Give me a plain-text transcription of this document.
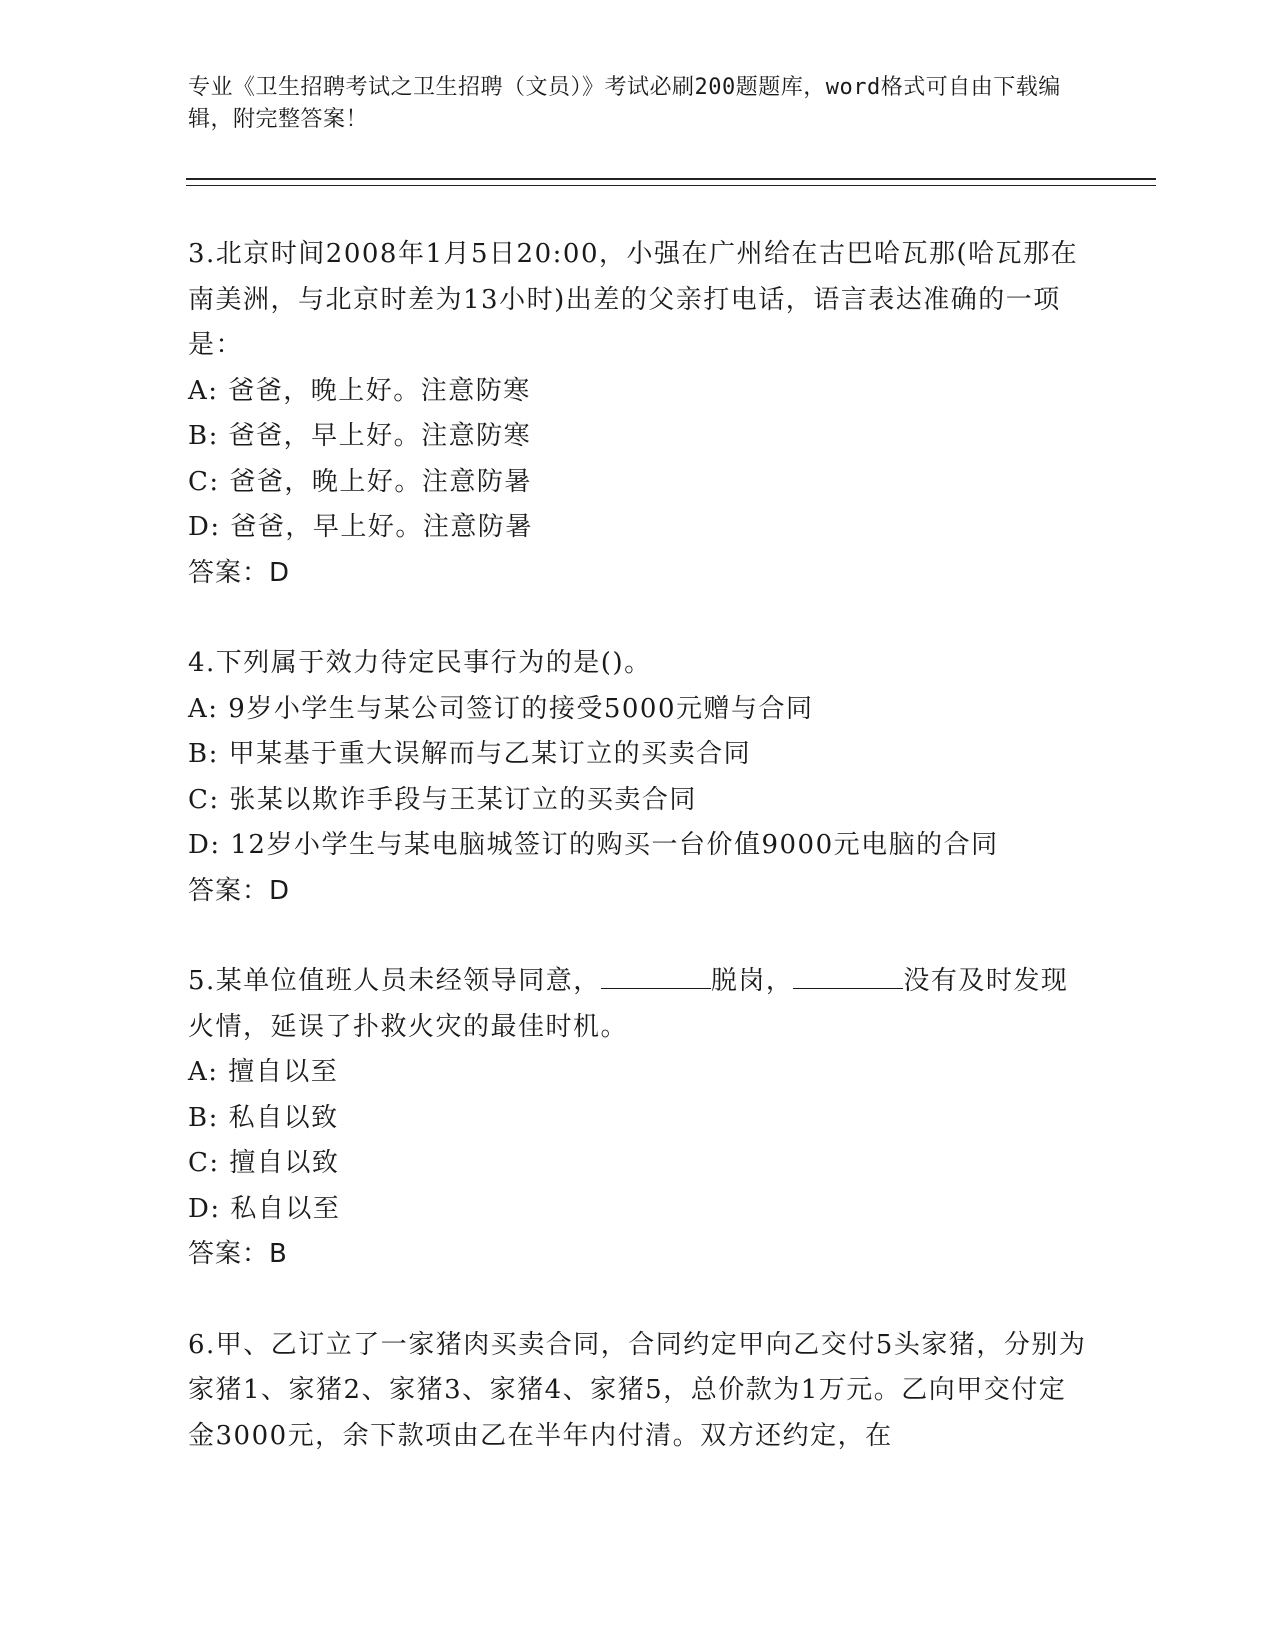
专业《卫生招聘考试之卫生招聘（文员）》考试必刷200题题库，word格式可自由下载编辑，附完整答案！

3.北京时间2008年1月5日20:00，小强在广州给在古巴哈瓦那(哈瓦那在南美洲，与北京时差为13小时)出差的父亲打电话，语言表达准确的一项是：

A: 爸爸，晚上好。注意防寒

B: 爸爸，早上好。注意防寒

C: 爸爸，晚上好。注意防暑

D: 爸爸，早上好。注意防暑

答案：D

4.下列属于效力待定民事行为的是()。

A: 9岁小学生与某公司签订的接受5000元赠与合同

B: 甲某基于重大误解而与乙某订立的买卖合同

C: 张某以欺诈手段与王某订立的买卖合同

D: 12岁小学生与某电脑城签订的购买一台价值9000元电脑的合同

答案：D

5.某单位值班人员未经领导同意，	脱岗，	没有及时发现火情，延误了扑救火灾的最佳时机。

A: 擅自以至

B: 私自以致

C: 擅自以致

D: 私自以至

答案：B

6.甲、乙订立了一家猪肉买卖合同，合同约定甲向乙交付5头家猪，分别为家猪1、家猪2、家猪3、家猪4、家猪5，总价款为1万元。乙向甲交付定金3000元，余下款项由乙在半年内付清。双方还约定，在
